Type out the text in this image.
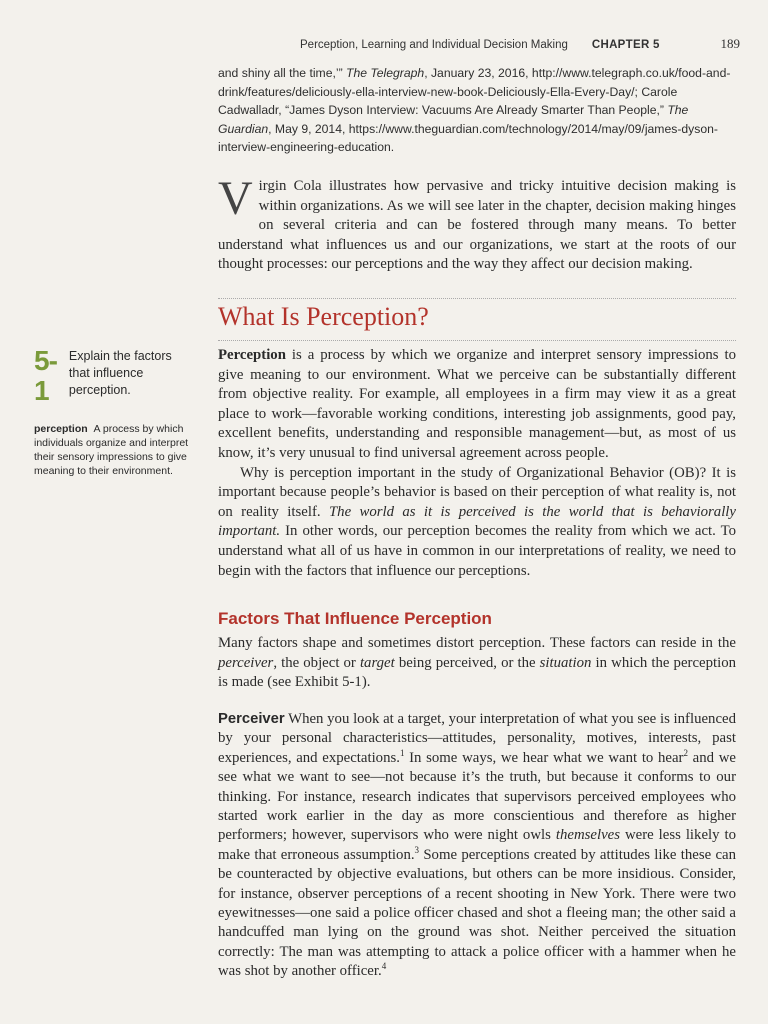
Perception, Learning and Individual Decision Making CHAPTER 5	189

and shiny all the time,’” The Telegraph, January 23, 2016, http://www.telegraph.co.uk/food-and-drink/features/deliciously-ella-interview-new-book-Deliciously-Ella-Every-Day/; Carole Cadwalladr, “James Dyson Interview: Vacuums Are Already Smarter Than People,” The Guardian, May 9, 2014, https://www.theguardian.com/technology/2014/may/09/james-dyson-interview-engineering-education.

Virgin Cola illustrates how pervasive and tricky intuitive decision making is within organizations. As we will see later in the chapter, decision making hinges on several criteria and can be fostered through many means. To better understand what influences us and our organizations, we start at the roots of our thought processes: our perceptions and the way they affect our decision making.

What Is Perception?
5-1
Explain the factors that influence perception.
perception A process by which individuals organize and interpret their sensory impressions to give meaning to their environment.

Perception is a process by which we organize and interpret sensory impressions to give meaning to our environment. What we perceive can be substantially different from objective reality. For example, all employees in a firm may view it as a great place to work—favorable working conditions, interesting job assignments, good pay, excellent benefits, understanding and responsible management—but, as most of us know, it’s very unusual to find universal agreement across people.

Why is perception important in the study of Organizational Behavior (OB)? It is important because people’s behavior is based on their perception of what reality is, not on reality itself. The world as it is perceived is the world that is behaviorally important. In other words, our perception becomes the reality from which we act. To understand what all of us have in common in our interpretations of reality, we need to begin with the factors that influence our perceptions.

Factors That Influence Perception

Many factors shape and sometimes distort perception. These factors can reside in the perceiver, the object or target being perceived, or the situation in which the perception is made (see Exhibit 5-1).

Perceiver When you look at a target, your interpretation of what you see is influenced by your personal characteristics—attitudes, personality, motives, interests, past experiences, and expectations.$^1$ In some ways, we hear what we want to hear$^2$ and we see what we want to see—not because it’s the truth, but because it conforms to our thinking. For instance, research indicates that supervisors perceived employees who started work earlier in the day as more conscientious and therefore as higher performers; however, supervisors who were night owls themselves were less likely to make that erroneous assumption.$^3$ Some perceptions created by attitudes like these can be counteracted by objective evaluations, but others can be more insidious. Consider, for instance, observer perceptions of a recent shooting in New York. There were two eyewitnesses—one said a police officer chased and shot a fleeing man; the other said a handcuffed man lying on the ground was shot. Neither perceived the situation correctly: The man was attempting to attack a police officer with a hammer when he was shot by another officer.$^4$
